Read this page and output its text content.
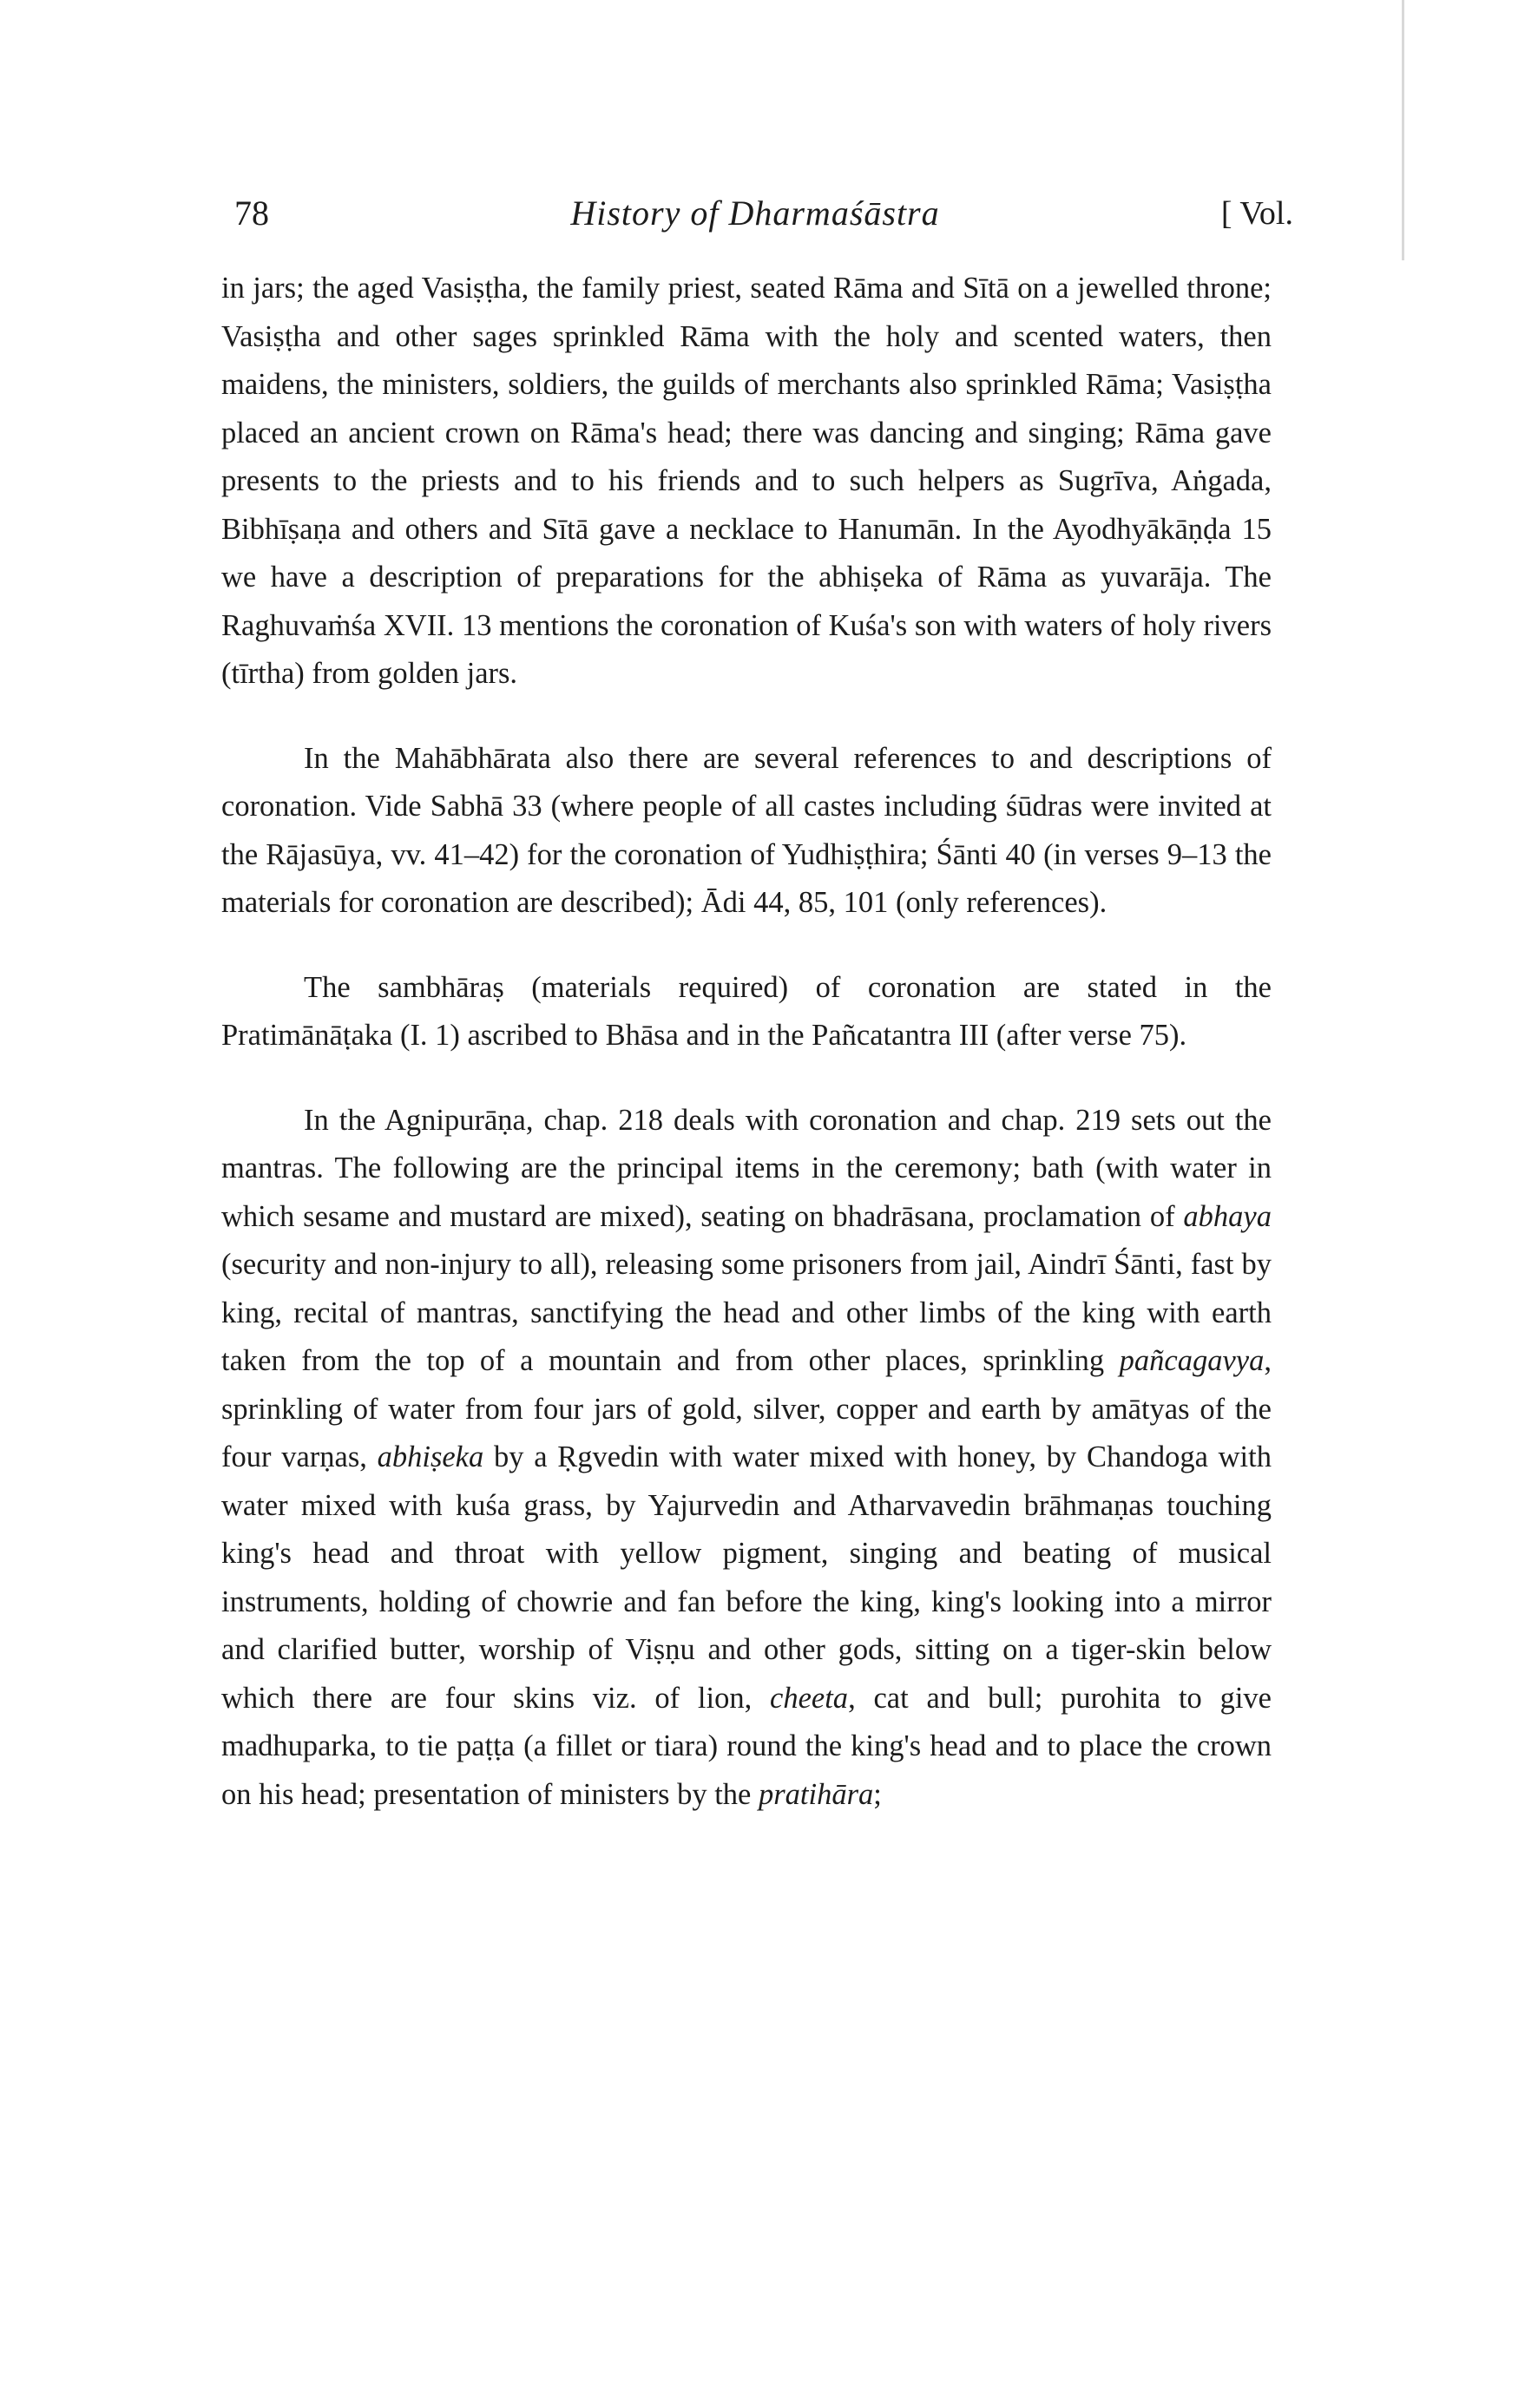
78	History of Dharmaśāstra	[ Vol.

in jars; the aged Vasiṣṭha, the family priest, seated Rāma and Sītā on a jewelled throne; Vasiṣṭha and other sages sprinkled Rāma with the holy and scented waters, then maidens, the ministers, soldiers, the guilds of merchants also sprinkled Rāma; Vasiṣṭha placed an ancient crown on Rāma's head; there was dancing and singing; Rāma gave presents to the priests and to his friends and to such helpers as Sugrīva, Aṅgada, Bibhīṣaṇa and others and Sītā gave a necklace to Hanumān. In the Ayodhyākāṇḍa 15 we have a description of preparations for the abhiṣeka of Rāma as yuvarāja. The Raghuvaṁśa XVII. 13 mentions the coronation of Kuśa's son with waters of holy rivers (tīrtha) from golden jars.

In the Mahābhārata also there are several references to and descriptions of coronation. Vide Sabhā 33 (where people of all castes including śūdras were invited at the Rājasūya, vv. 41–42) for the coronation of Yudhiṣṭhira; Śānti 40 (in verses 9–13 the materials for coronation are described); Ādi 44, 85, 101 (only references).

The sambhāraṣ (materials required) of coronation are stated in the Pratimānāṭaka (I. 1) ascribed to Bhāsa and in the Pañcatantra III (after verse 75).

In the Agnipurāṇa, chap. 218 deals with coronation and chap. 219 sets out the mantras. The following are the principal items in the ceremony; bath (with water in which sesame and mustard are mixed), seating on bhadrāsana, proclamation of abhaya (security and non-injury to all), releasing some prisoners from jail, Aindrī Śānti, fast by king, recital of mantras, sanctifying the head and other limbs of the king with earth taken from the top of a mountain and from other places, sprinkling pañcagavya, sprinkling of water from four jars of gold, silver, copper and earth by amātyas of the four varṇas, abhiṣeka by a Ṛgvedin with water mixed with honey, by Chandoga with water mixed with kuśa grass, by Yajurvedin and Atharvavedin brāhmaṇas touching king's head and throat with yellow pigment, singing and beating of musical instruments, holding of chowrie and fan before the king, king's looking into a mirror and clarified butter, worship of Viṣṇu and other gods, sitting on a tiger-skin below which there are four skins viz. of lion, cheeta, cat and bull; purohita to give madhuparka, to tie paṭṭa (a fillet or tiara) round the king's head and to place the crown on his head; presentation of ministers by the pratihāra;
